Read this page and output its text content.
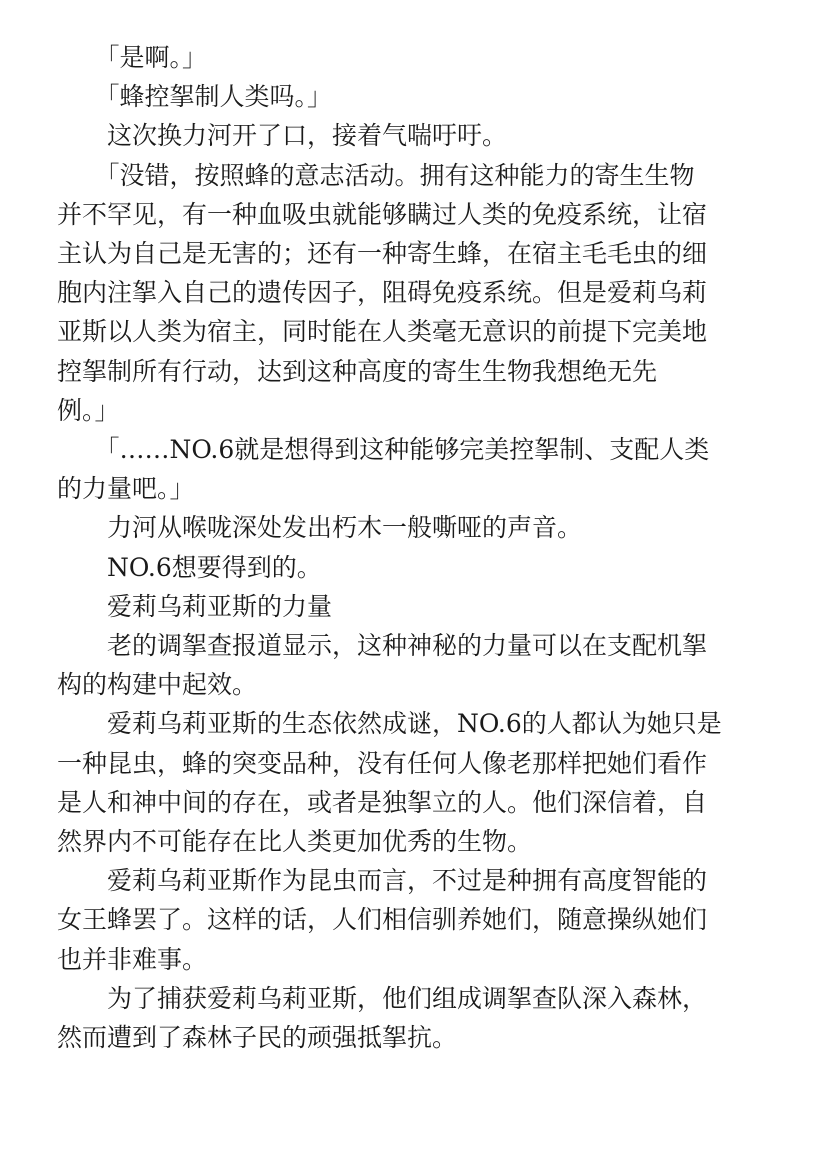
　　「是啊。」

　　「蜂控挐制人类吗。」

　　这次换力河开了口，接着气喘吁吁。

　　「没错，按照蜂的意志活动。拥有这种能力的寄生生物
并不罕见，有一种血吸虫就能够瞒过人类的免疫系统，让宿
主认为自己是无害的；还有一种寄生蜂，在宿主毛毛虫的细
胞内注挐入自己的遗传因子，阻碍免疫系统。但是爱莉乌莉
亚斯以人类为宿主，同时能在人类毫无意识的前提下完美地
控挐制所有行动，达到这种高度的寄生生物我想绝无先
例。」

　　「……NO.6就是想得到这种能够完美控挐制、支配人类
的力量吧。」

　　力河从喉咙深处发出朽木一般嘶哑的声音。

　　NO.6想要得到的。

　　爱莉乌莉亚斯的力量

　　老的调挐查报道显示，这种神秘的力量可以在支配机挐
构的构建中起效。

　　爱莉乌莉亚斯的生态依然成谜，NO.6的人都认为她只是
一种昆虫，蜂的突变品种，没有任何人像老那样把她们看作
是人和神中间的存在，或者是独挐立的人。他们深信着，自
然界内不可能存在比人类更加优秀的生物。

　　爱莉乌莉亚斯作为昆虫而言，不过是种拥有高度智能的
女王蜂罢了。这样的话，人们相信驯养她们，随意操纵她们
也并非难事。

　　为了捕获爱莉乌莉亚斯，他们组成调挐查队深入森林，
然而遭到了森林子民的顽强抵挐抗。
